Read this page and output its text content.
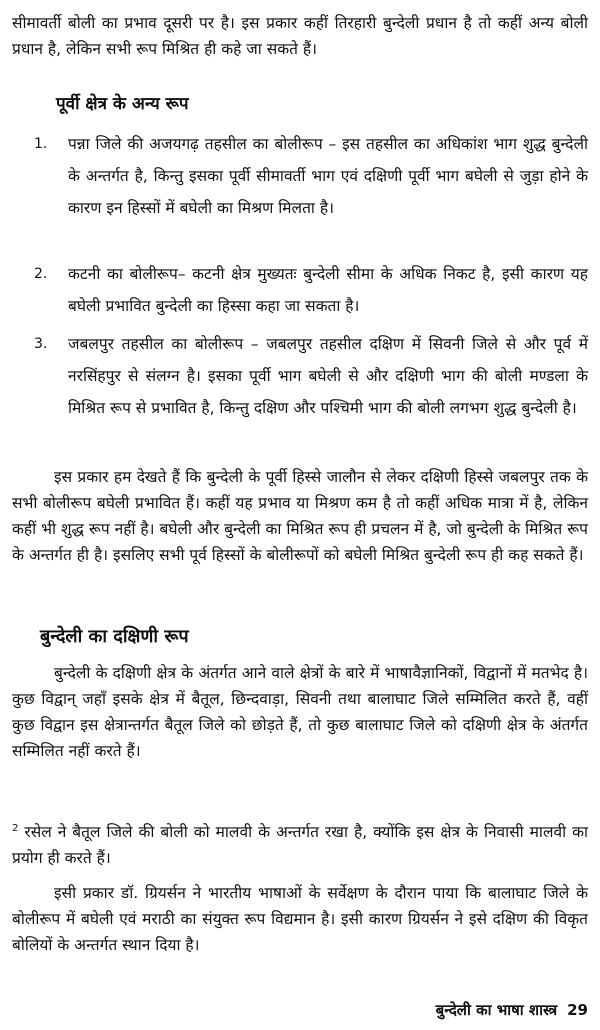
सीमावर्ती बोली का प्रभाव दूसरी पर है। इस प्रकार कहीं तिरहारी बुन्देली प्रधान है तो कहीं अन्य बोली प्रधान है, लेकिन सभी रूप मिश्रित ही कहे जा सकते हैं।
पूर्वी क्षेत्र के अन्य रूप
1. पन्ना जिले की अजयगढ़ तहसील का बोलीरूप – इस तहसील का अधिकांश भाग शुद्ध बुन्देली के अन्तर्गत है, किन्तु इसका पूर्वी सीमावर्ती भाग एवं दक्षिणी पूर्वी भाग बघेली से जुड़ा होने के कारण इन हिस्सों में बघेली का मिश्रण मिलता है।
2. कटनी का बोलीरूप– कटनी क्षेत्र मुख्यतः बुन्देली सीमा के अधिक निकट है, इसी कारण यह बघेली प्रभावित बुन्देली का हिस्सा कहा जा सकता है।
3. जबलपुर तहसील का बोलीरूप – जबलपुर तहसील दक्षिण में सिवनी जिले से और पूर्व में नरसिंहपुर से संलग्न है। इसका पूर्वी भाग बघेली से और दक्षिणी भाग की बोली मण्डला के मिश्रित रूप से प्रभावित है, किन्तु दक्षिण और पश्चिमी भाग की बोली लगभग शुद्ध बुन्देली है।
इस प्रकार हम देखते हैं कि बुन्देली के पूर्वी हिस्से जालौन से लेकर दक्षिणी हिस्से जबलपुर तक के सभी बोलीरूप बघेली प्रभावित हैं। कहीं यह प्रभाव या मिश्रण कम है तो कहीं अधिक मात्रा में है, लेकिन कहीं भी शुद्ध रूप नहीं है। बघेली और बुन्देली का मिश्रित रूप ही प्रचलन में है, जो बुन्देली के मिश्रित रूप के अन्तर्गत ही है। इसलिए सभी पूर्व हिस्सों के बोलीरूपों को बघेली मिश्रित बुन्देली रूप ही कह सकते हैं।
बुन्देली का दक्षिणी रूप
बुन्देली के दक्षिणी क्षेत्र के अंतर्गत आने वाले क्षेत्रों के बारे में भाषावैज्ञानिकों, विद्वानों में मतभेद है। कुछ विद्वान् जहाँ इसके क्षेत्र में बैतूल, छिन्दवाड़ा, सिवनी तथा बालाघाट जिले सम्मिलित करते हैं, वहीं कुछ विद्वान इस क्षेत्रान्तर्गत बैतूल जिले को छोड़ते हैं, तो कुछ बालाघाट जिले को दक्षिणी क्षेत्र के अंतर्गत सम्मिलित नहीं करते हैं।
$^2$ रसेल ने बैतूल जिले की बोली को मालवी के अन्तर्गत रखा है, क्योंकि इस क्षेत्र के निवासी मालवी का प्रयोग ही करते हैं।
इसी प्रकार डॉ. ग्रियर्सन ने भारतीय भाषाओं के सर्वेक्षण के दौरान पाया कि बालाघाट जिले के बोलीरूप में बघेली एवं मराठी का संयुक्त रूप विद्यमान है। इसी कारण ग्रियर्सन ने इसे दक्षिण की विकृत बोलियों के अन्तर्गत स्थान दिया है।
बुन्देली का भाषा शास्त्र 29
